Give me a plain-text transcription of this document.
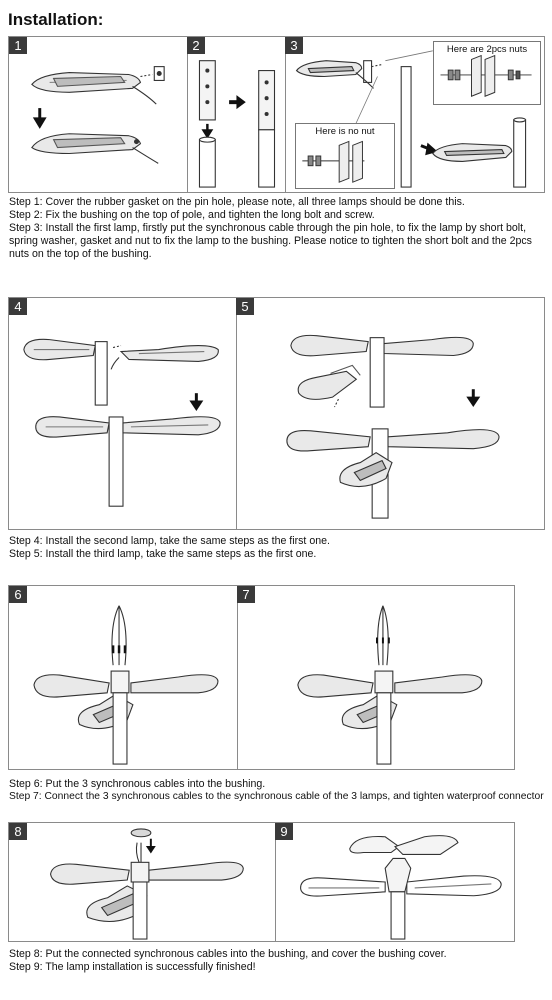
Installation:
1	2	3	Here are 2pcs nuts
Here is no nut

Step 1: Cover the rubber gasket on the pin hole, please note, all three lamps should be done this.

Step 2: Fix the bushing on the top of pole, and tighten the long bolt and screw.

Step 3: Install the first lamp, firstly put the synchronous cable through the pin hole, to fix the lamp by short bolt, spring washer, gasket and nut to fix the lamp to the bushing. Please notice to tighten the short bolt and the 2pcs nuts on the top of the bushing.

4	5

Step 4: Install the second lamp, take the same steps as the first one.

Step 5: Install the third lamp, take the same steps as the first one.

6	7

Step 6: Put the 3 synchronous cables into the bushing.

Step 7: Connect the 3 synchronous cables to the synchronous cable of the 3 lamps, and tighten waterproof connector

8	9

Step 8: Put the connected synchronous cables into the bushing, and cover the bushing cover.

Step 9: The lamp installation is successfully finished!
